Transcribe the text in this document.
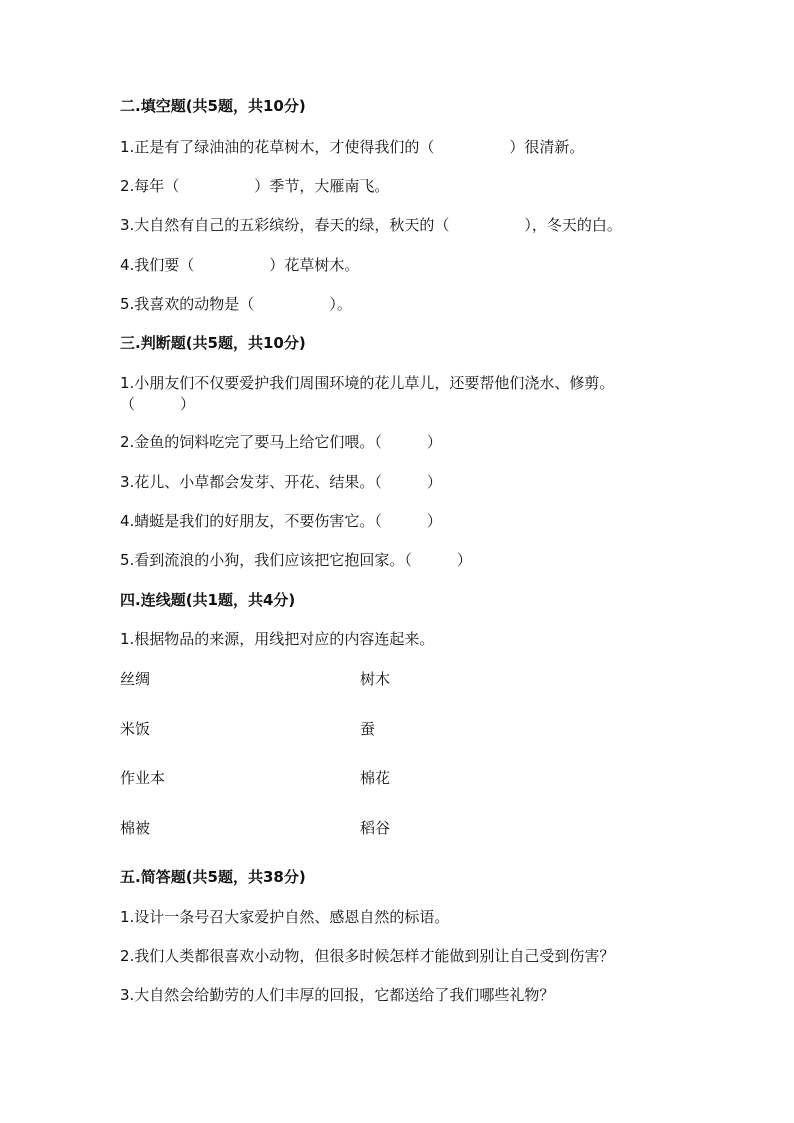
二.填空题(共5题，共10分)
1.正是有了绿油油的花草树木，才使得我们的（　　　　　）很清新。
2.每年（　　　　　）季节，大雁南飞。
3.大自然有自己的五彩缤纷，春天的绿，秋天的（　　　　　），冬天的白。
4.我们要（　　　　　）花草树木。
5.我喜欢的动物是（　　　　　）。
三.判断题(共5题，共10分)
1.小朋友们不仅要爱护我们周围环境的花儿草儿，还要帮他们浇水、修剪。
（　　　）
2.金鱼的饲料吃完了要马上给它们喂。（　　　）
3.花儿、小草都会发芽、开花、结果。（　　　）
4.蜻蜓是我们的好朋友，不要伤害它。（　　　）
5.看到流浪的小狗，我们应该把它抱回家。（　　　）
四.连线题(共1题，共4分)
1.根据物品的来源，用线把对应的内容连起来。
丝绸	树木
米饭	蚕
作业本	棉花
棉被	稻谷
五.简答题(共5题，共38分)
1.设计一条号召大家爱护自然、感恩自然的标语。
2.我们人类都很喜欢小动物，但很多时候怎样才能做到别让自己受到伤害？
3.大自然会给勤劳的人们丰厚的回报，它都送给了我们哪些礼物？
